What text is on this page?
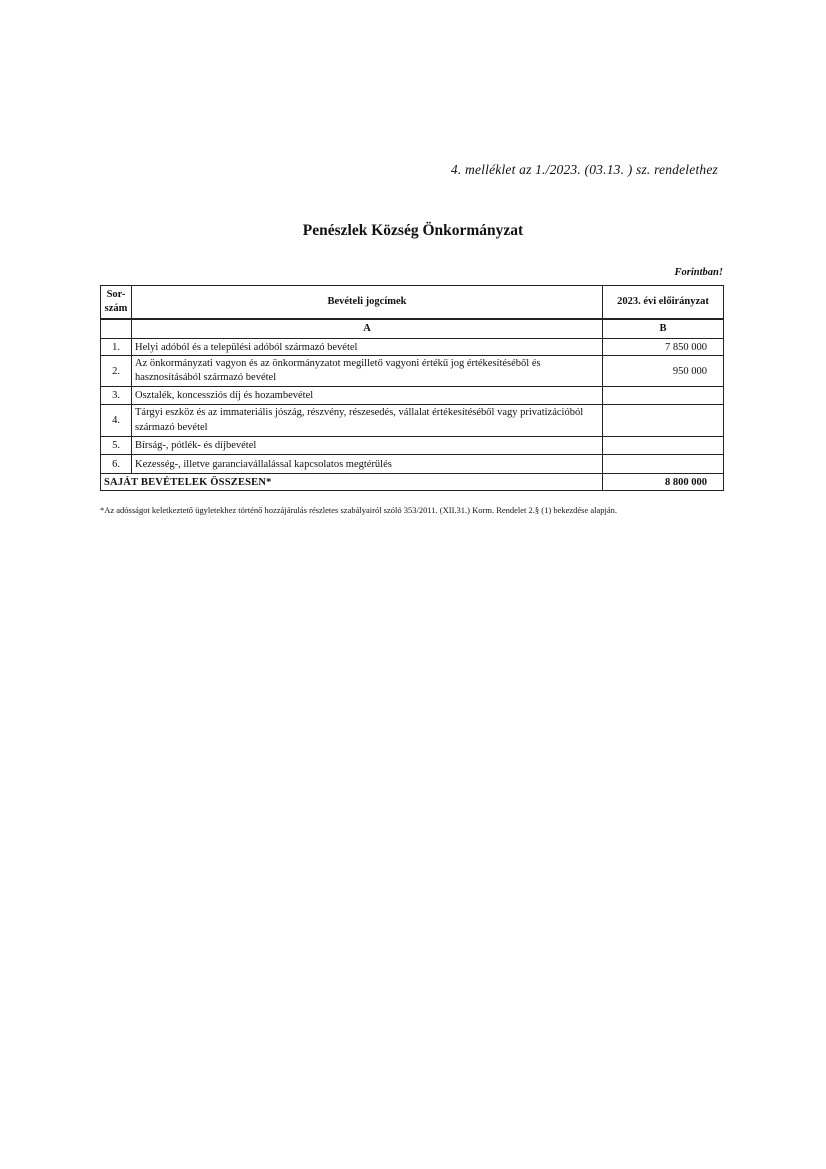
4. melléklet az 1./2023. (03.13. ) sz. rendelethez
Penészlek Község Önkormányzat
Forintban!
Sor-szám	Bevételi jogcímek	2023. évi előirányzat
	A	B
1.	Helyi adóból és a települési adóból származó bevétel	7 850 000
2.	Az önkormányzati vagyon és az önkormányzatot megillető vagyoni értékű jog értékesítéséből és hasznosításából származó bevétel	950 000
3.	Osztalék, koncessziós díj és hozambevétel	
4.	Tárgyi eszköz és az immateriális jószág, részvény, részesedés, vállalat értékesítéséből vagy privatizációból származó bevétel	
5.	Bírság-, pótlék- és díjbevétel	
6.	Kezesség-, illetve garanciavállalással kapcsolatos megtérülés	
SAJÁT BEVÉTELEK ÖSSZESEN*		8 800 000
*Az adósságot keletkeztető ügyletekhez történő hozzájárulás részletes szabályairól szóló 353/2011. (XII.31.) Korm. Rendelet 2.§ (1) bekezdése alapján.
